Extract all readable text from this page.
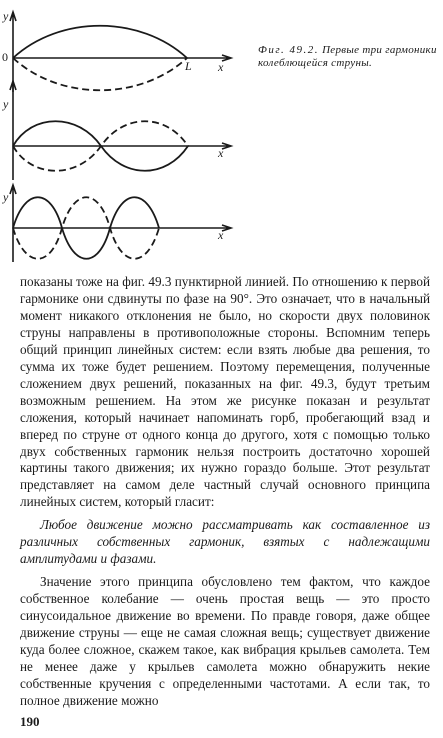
y
0
L x
y
x
y
x
Фиг. 49.2. Первые три гармоники колеблющейся струны.
показаны тоже на фиг. 49.3 пунктирной линией. По отношению к первой гармонике они сдвинуты по фазе на 90°. Это означает, что в начальный момент никакого отклонения не было, но скорости двух половинок струны направлены в противоположные стороны. Вспомним теперь общий принцип линейных систем: если взять любые два решения, то сумма их тоже будет решением. Поэтому перемещения, полученные сложением двух решений, показанных на фиг. 49.3, будут третьим возможным решением. На этом же рисунке показан и результат сложения, который начинает напоминать горб, пробегающий взад и вперед по струне от одного конца до другого, хотя с помощью только двух собственных гармоник нельзя построить достаточно хорошей картины такого движения; их нужно гораздо больше. Этот результат представляет на самом деле частный случай основного принципа линейных систем, который гласит:
Любое движение можно рассматривать как составленное из различных собственных гармоник, взятых с надлежащими амплитудами и фазами.
Значение этого принципа обусловлено тем фактом, что каждое собственное колебание — очень простая вещь — это просто синусоидальное движение во времени. По правде говоря, даже общее движение струны — еще не самая сложная вещь; существует движение куда более сложное, скажем такое, как вибрация крыльев самолета. Тем не менее даже у крыльев самолета можно обнаружить некие собственные кручения с определенными частотами. А если так, то полное движение можно
190
